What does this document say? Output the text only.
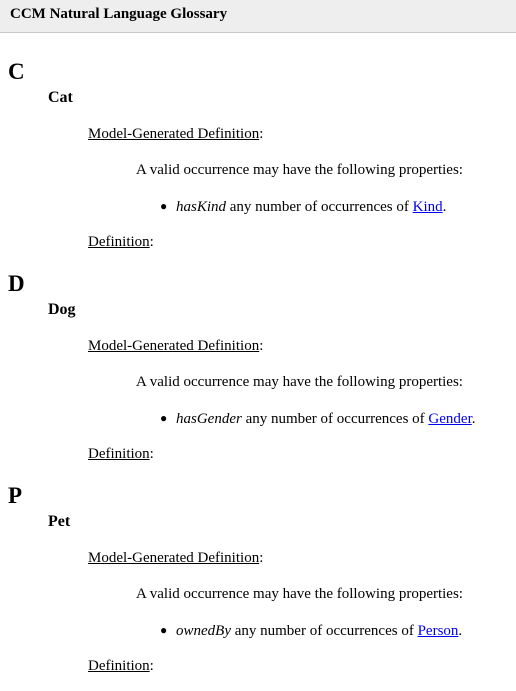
CCM Natural Language Glossary
C
Cat
Model-Generated Definition:
A valid occurrence may have the following properties:
● hasKind any number of occurrences of Kind.
Definition:
D
Dog
Model-Generated Definition:
A valid occurrence may have the following properties:
● hasGender any number of occurrences of Gender.
Definition:
P
Pet
Model-Generated Definition:
A valid occurrence may have the following properties:
● ownedBy any number of occurrences of Person.
Definition:
